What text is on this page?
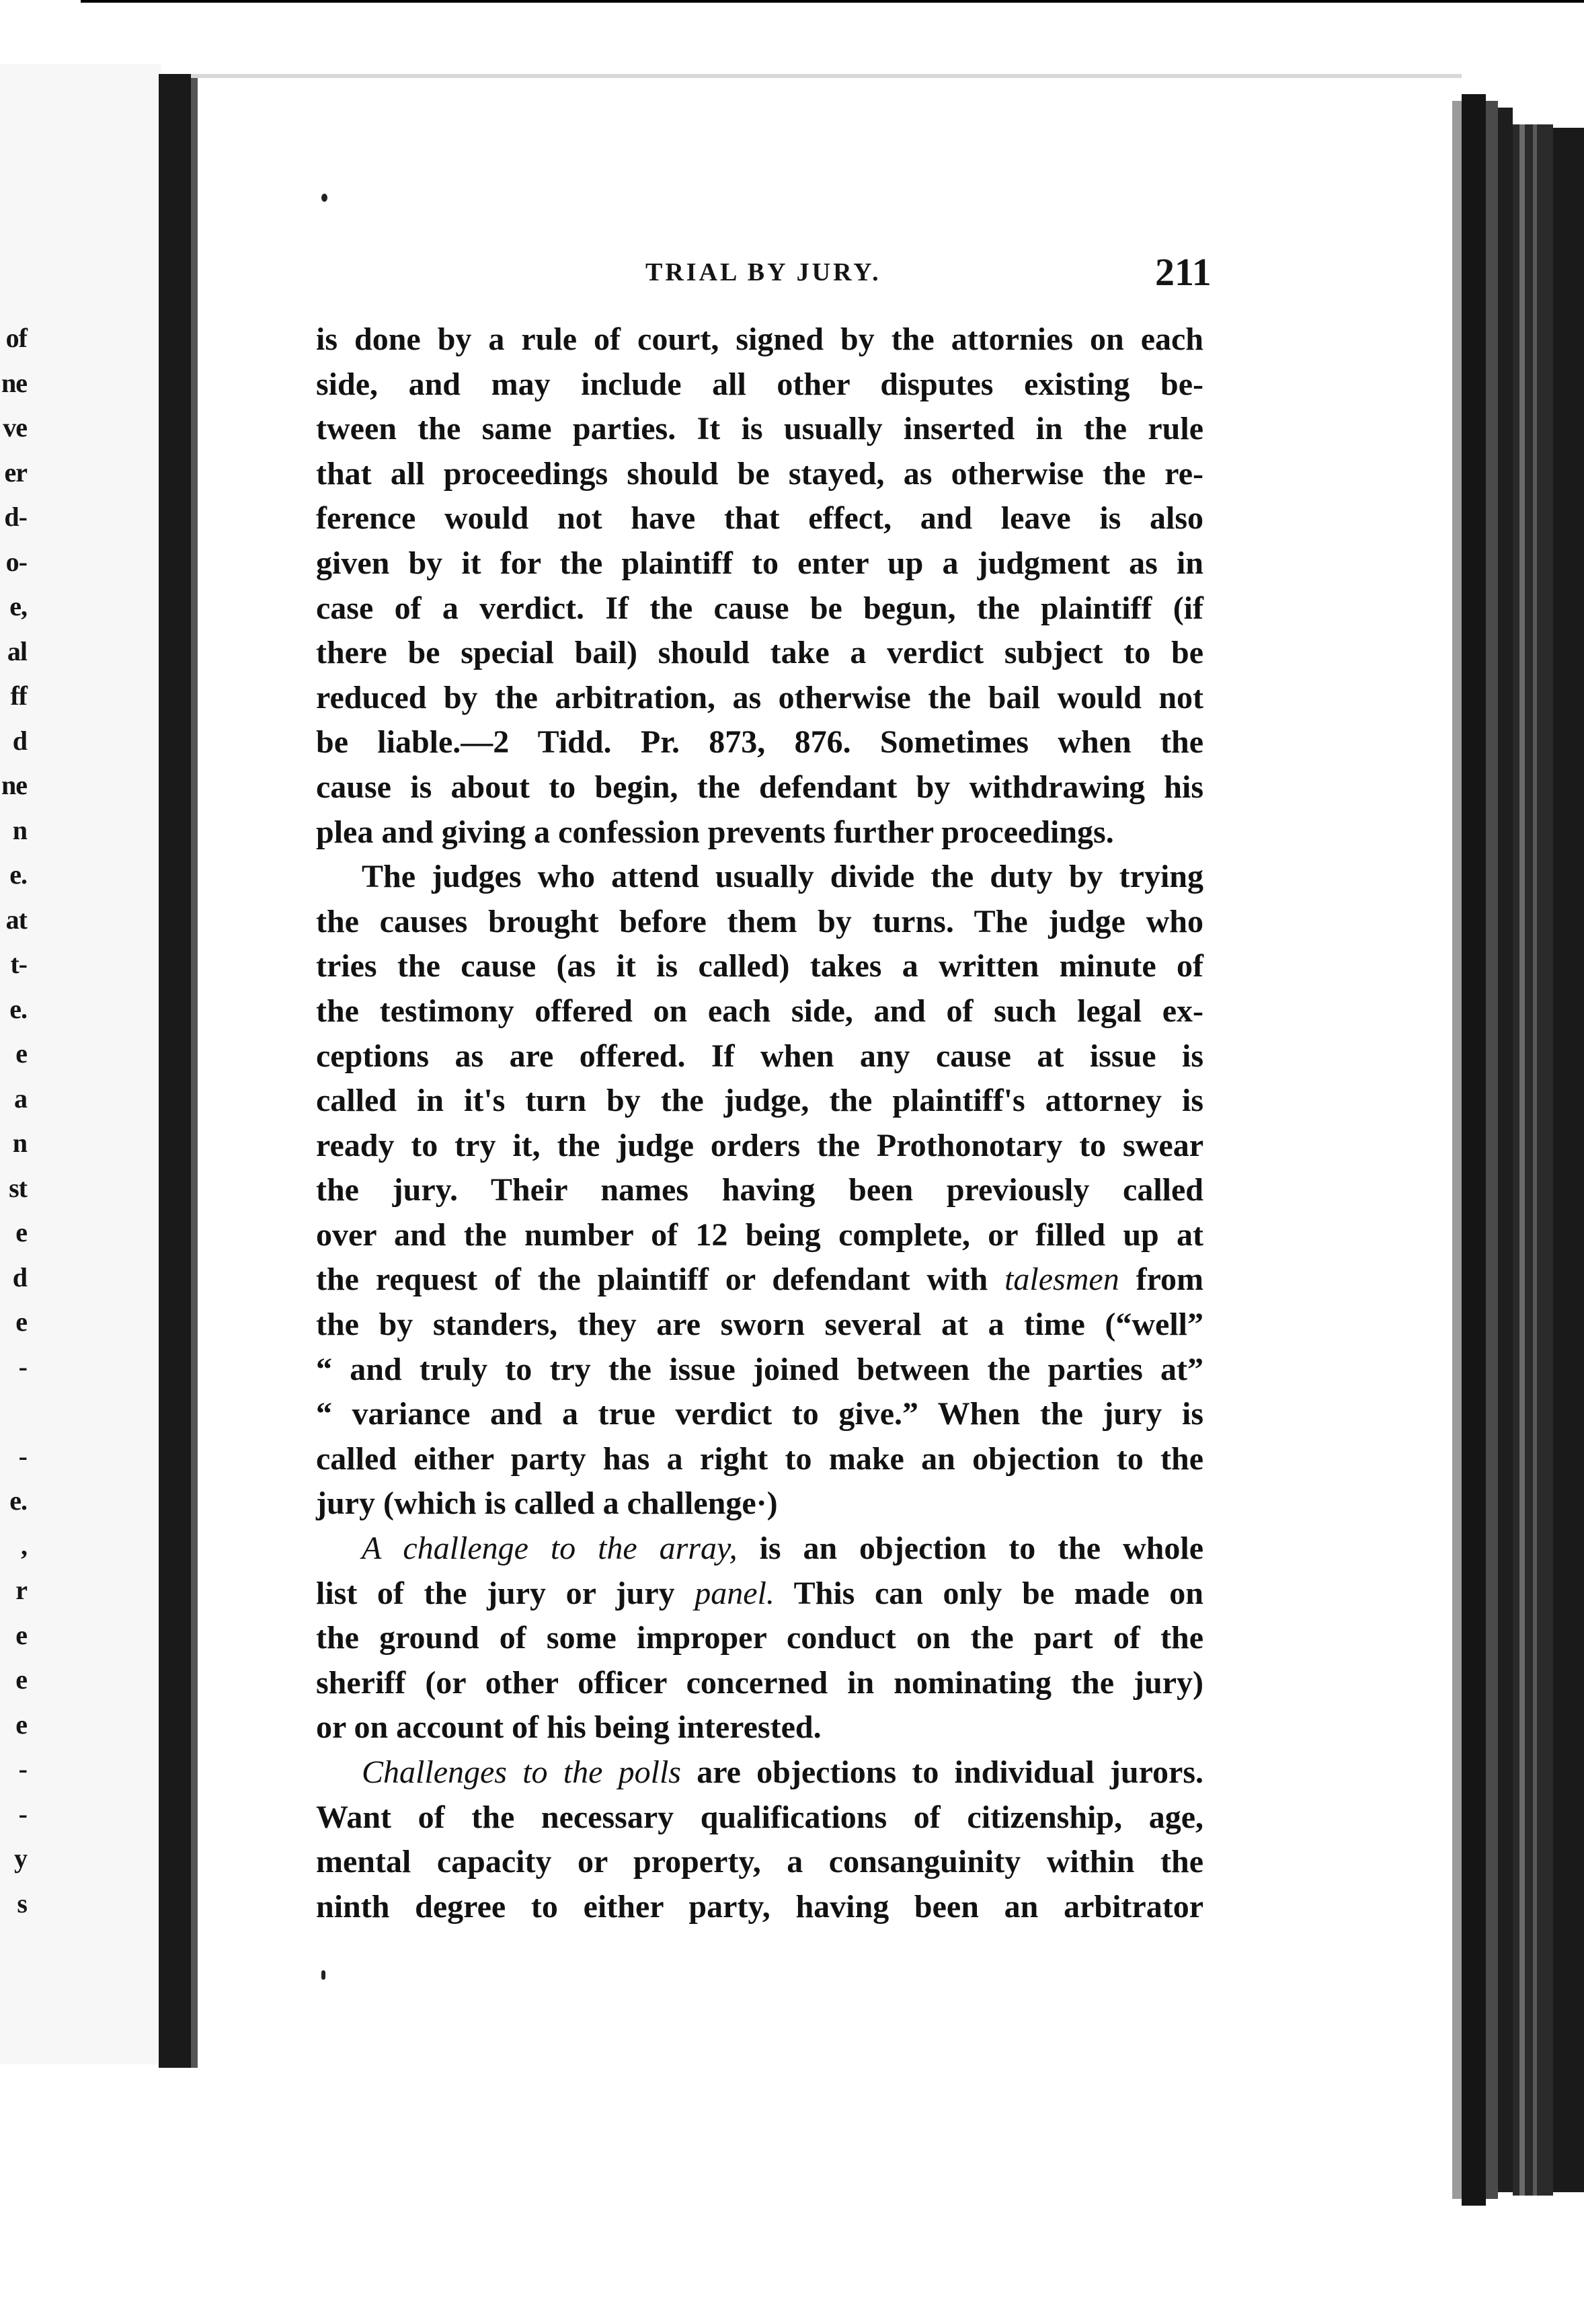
of
ne
ve
er
d-
o-
e,
al
ff
d
ne
n
e.
at
t-
e.
e
a
n
st
e
d
e
-
-
e.
,
r
e
e
e
-
-
y
s
TRIAL BY JURY.	211
is done by a rule of court, signed by the attornies on each
side, and may include all other disputes existing be-
tween the same parties. It is usually inserted in the rule
that all proceedings should be stayed, as otherwise the re-
ference would not have that effect, and leave is also
given by it for the plaintiff to enter up a judgment as in
case of a verdict. If the cause be begun, the plaintiff (if
there be special bail) should take a verdict subject to be
reduced by the arbitration, as otherwise the bail would not
be liable.—2 Tidd. Pr. 873, 876. Sometimes when the
cause is about to begin, the defendant by withdrawing his
plea and giving a confession prevents further proceedings.
The judges who attend usually divide the duty by trying
the causes brought before them by turns. The judge who
tries the cause (as it is called) takes a written minute of
the testimony offered on each side, and of such legal ex-
ceptions as are offered. If when any cause at issue is
called in it's turn by the judge, the plaintiff's attorney is
ready to try it, the judge orders the Prothonotary to swear
the jury. Their names having been previously called
over and the number of 12 being complete, or filled up at
the request of the plaintiff or defendant with talesmen from
the by standers, they are sworn several at a time (“well”
“ and truly to try the issue joined between the parties at”
“ variance and a true verdict to give.” When the jury is
called either party has a right to make an objection to the
jury (which is called a challenge·)
A challenge to the array, is an objection to the whole
list of the jury or jury panel. This can only be made on
the ground of some improper conduct on the part of the
sheriff (or other officer concerned in nominating the jury)
or on account of his being interested.
Challenges to the polls are objections to individual jurors.
Want of the necessary qualifications of citizenship, age,
mental capacity or property, a consanguinity within the
ninth degree to either party, having been an arbitrator
